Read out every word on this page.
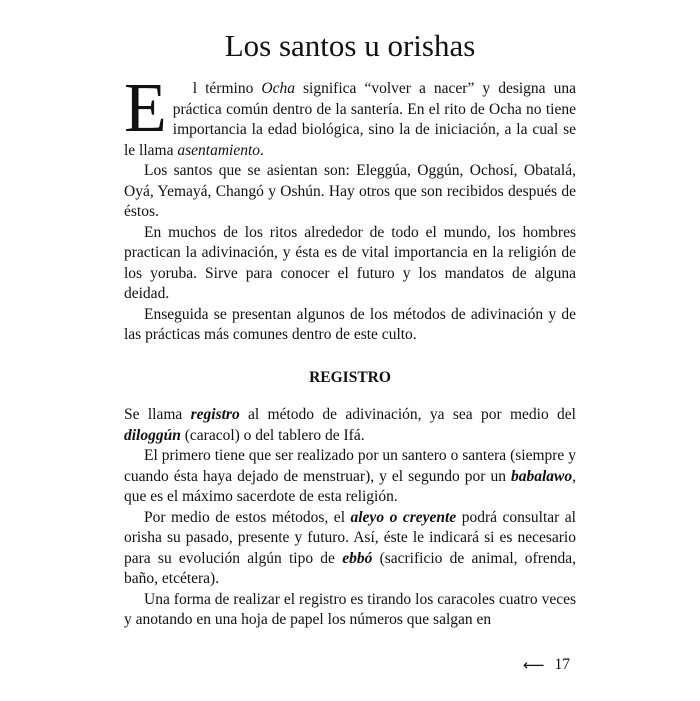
Los santos u orishas

E l término Ocha significa “volver a nacer” y designa una práctica común dentro de la santería. En el rito de Ocha no tiene importancia la edad biológica, sino la de iniciación, a la cual se le llama asentamiento.

Los santos que se asientan son: Eleggúa, Oggún, Ochosí, Obatalá, Oyá, Yemayá, Changó y Oshún. Hay otros que son recibidos después de éstos.

En muchos de los ritos alrededor de todo el mundo, los hombres practican la adivinación, y ésta es de vital importancia en la religión de los yoruba. Sirve para conocer el futuro y los mandatos de alguna deidad.

Enseguida se presentan algunos de los métodos de adivinación y de las prácticas más comunes dentro de este culto.

REGISTRO

Se llama registro al método de adivinación, ya sea por medio del diloggún (caracol) o del tablero de Ifá.

El primero tiene que ser realizado por un santero o santera (siempre y cuando ésta haya dejado de menstruar), y el segundo por un babalawo, que es el máximo sacerdote de esta religión.

Por medio de estos métodos, el aleyo o creyente podrá consultar al orisha su pasado, presente y futuro. Así, éste le indicará si es necesario para su evolución algún tipo de ebbó (sacrificio de animal, ofrenda, baño, etcétera).

Una forma de realizar el registro es tirando los caracoles cuatro veces y anotando en una hoja de papel los números que salgan en

⟵ 17
